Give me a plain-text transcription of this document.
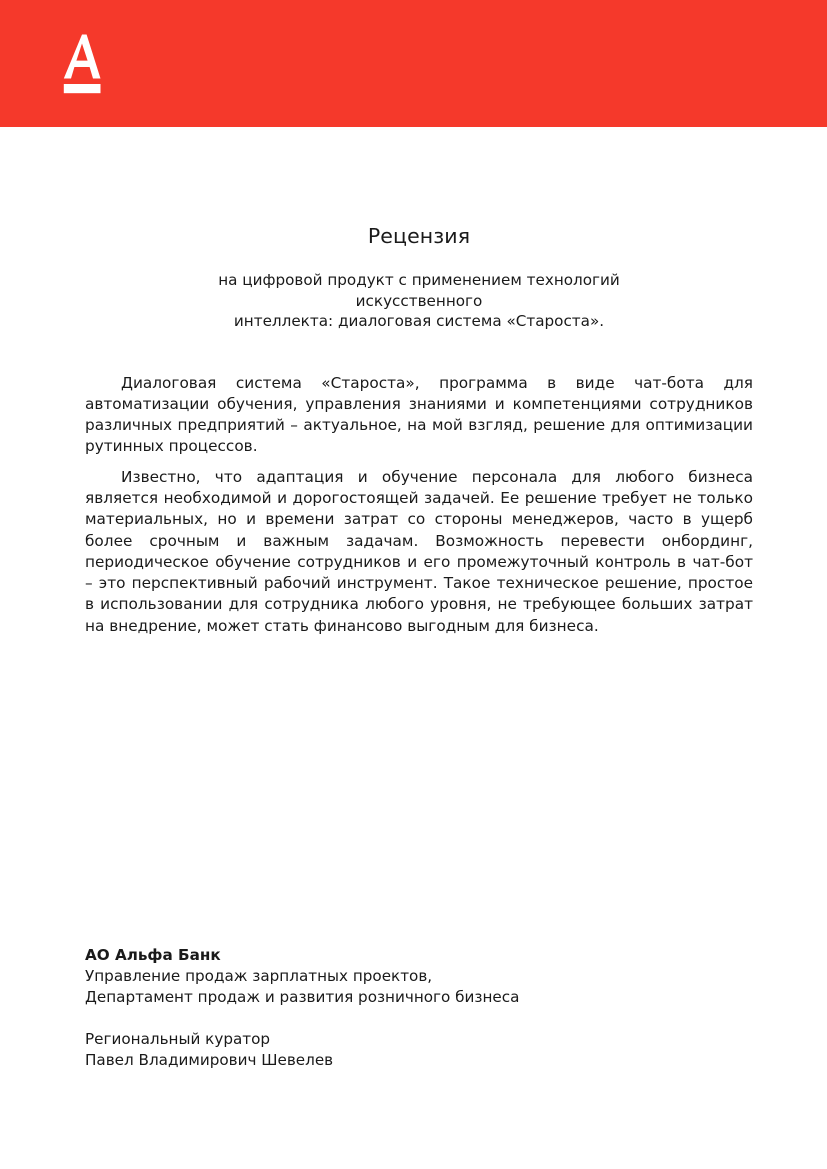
Рецензия
на цифровой продукт с применением технологий искусственного
интеллекта: диалоговая система «Староста».

Диалоговая система «Староста», программа в виде чат-бота для автоматизации обучения, управления знаниями и компетенциями сотрудников различных предприятий – актуальное, на мой взгляд, решение для оптимизации рутинных процессов.

Известно, что адаптация и обучение персонала для любого бизнеса является необходимой и дорогостоящей задачей. Ее решение требует не только материальных, но и времени затрат со стороны менеджеров, часто в ущерб более срочным и важным задачам. Возможность перевести онбординг, периодическое обучение сотрудников и его промежуточный контроль в чат-бот – это перспективный рабочий инструмент. Такое техническое решение, простое в использовании для сотрудника любого уровня, не требующее больших затрат на внедрение, может стать финансово выгодным для бизнеса.

АО Альфа Банк
Управление продаж зарплатных проектов,
Департамент продаж и развития розничного бизнеса
Региональный куратор
Павел Владимирович Шевелев
